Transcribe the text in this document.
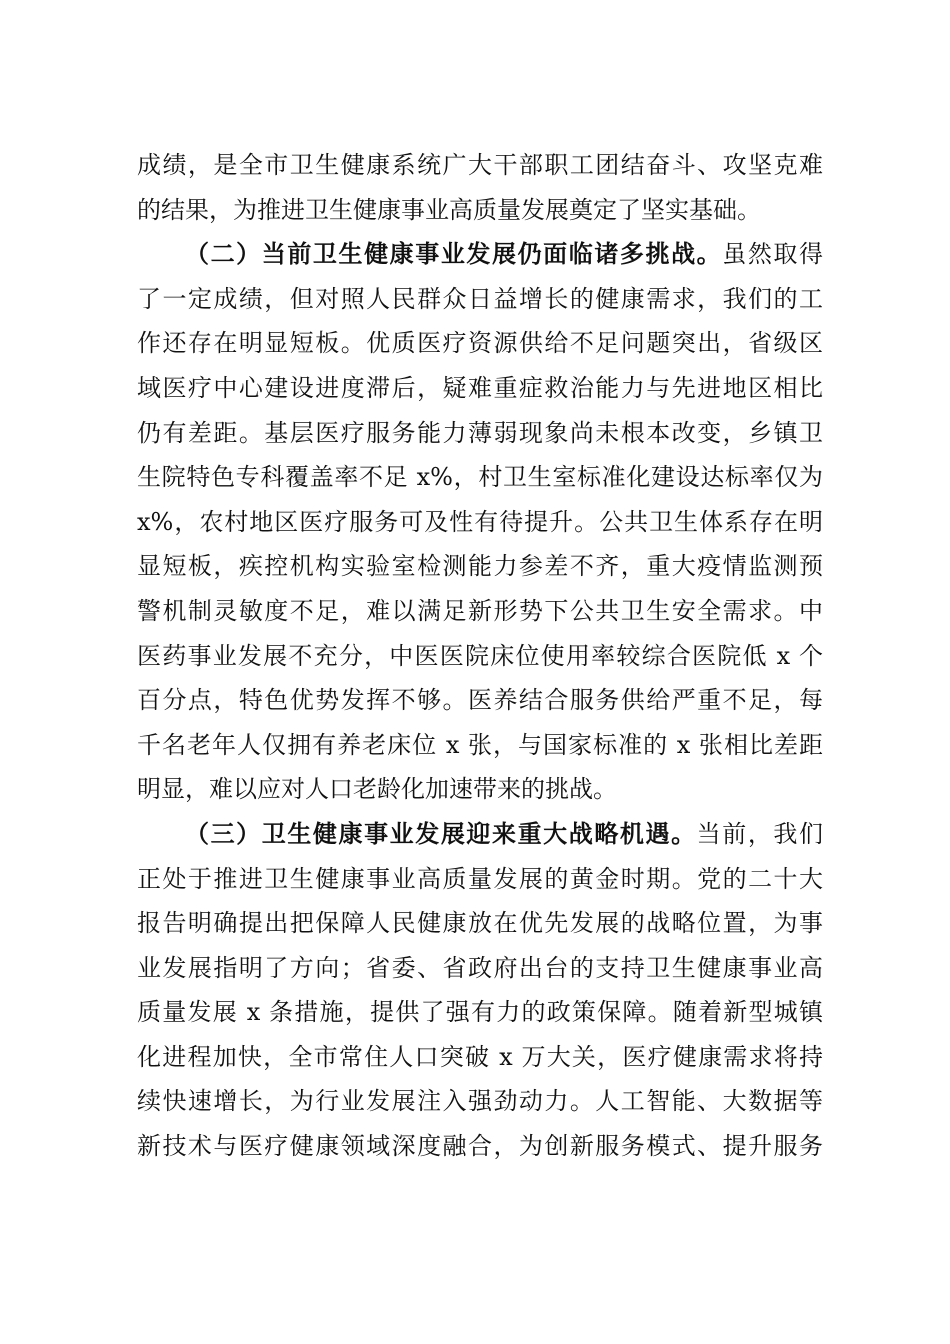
成绩，是全市卫生健康系统广大干部职工团结奋斗、攻坚克难
的结果，为推进卫生健康事业高质量发展奠定了坚实基础。
（二）当前卫生健康事业发展仍面临诸多挑战。虽然取得
了一定成绩，但对照人民群众日益增长的健康需求，我们的工
作还存在明显短板。优质医疗资源供给不足问题突出，省级区
域医疗中心建设进度滞后，疑难重症救治能力与先进地区相比
仍有差距。基层医疗服务能力薄弱现象尚未根本改变，乡镇卫
生院特色专科覆盖率不足 x%，村卫生室标准化建设达标率仅为
x%，农村地区医疗服务可及性有待提升。公共卫生体系存在明
显短板，疾控机构实验室检测能力参差不齐，重大疫情监测预
警机制灵敏度不足，难以满足新形势下公共卫生安全需求。中
医药事业发展不充分，中医医院床位使用率较综合医院低 x 个
百分点，特色优势发挥不够。医养结合服务供给严重不足，每
千名老年人仅拥有养老床位 x 张，与国家标准的 x 张相比差距
明显，难以应对人口老龄化加速带来的挑战。
（三）卫生健康事业发展迎来重大战略机遇。当前，我们
正处于推进卫生健康事业高质量发展的黄金时期。党的二十大
报告明确提出把保障人民健康放在优先发展的战略位置，为事
业发展指明了方向；省委、省政府出台的支持卫生健康事业高
质量发展 x 条措施，提供了强有力的政策保障。随着新型城镇
化进程加快，全市常住人口突破 x 万大关，医疗健康需求将持
续快速增长，为行业发展注入强劲动力。人工智能、大数据等
新技术与医疗健康领域深度融合，为创新服务模式、提升服务
